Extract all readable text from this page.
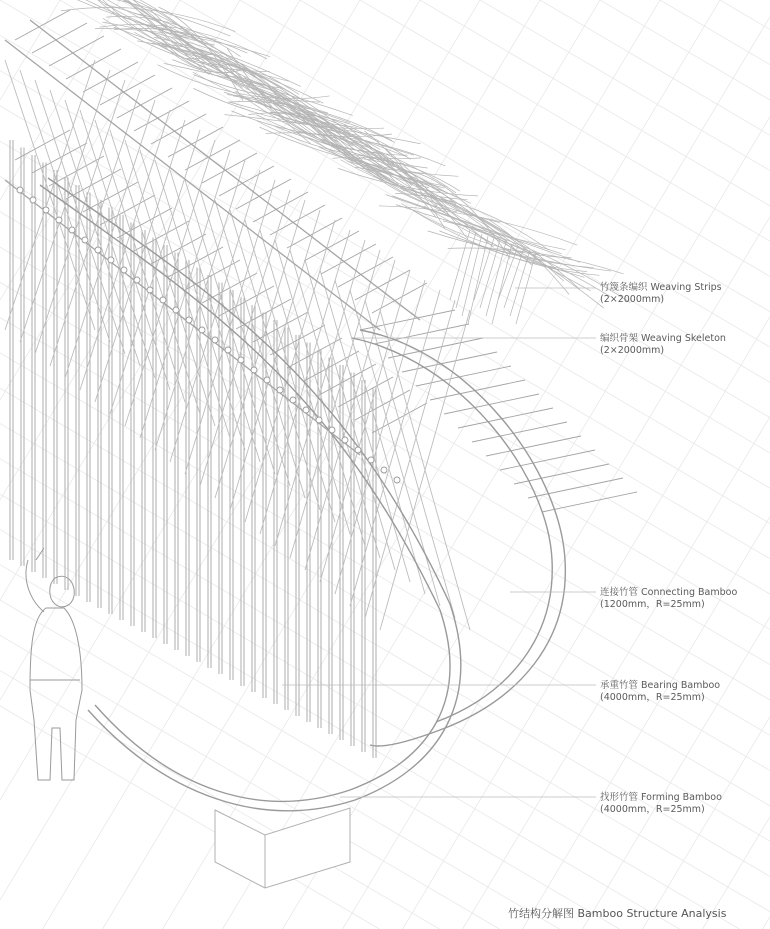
竹篾条编织 Weaving Strips
(2×2000mm)
编织骨架 Weaving Skeleton
(2×2000mm)
连接竹管 Connecting Bamboo
(1200mm，R=25mm)
承重竹管 Bearing Bamboo
(4000mm，R=25mm)
找形竹管 Forming Bamboo
(4000mm，R=25mm)
竹结构分解图 Bamboo Structure Analysis
